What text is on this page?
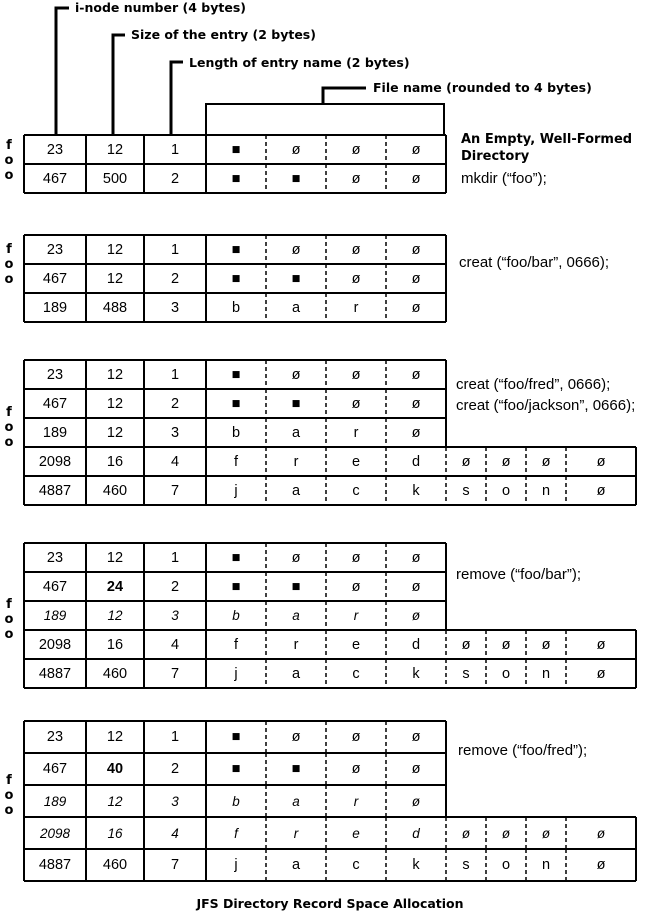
i-node number (4 bytes)
Size of the entry (2 bytes)
Length of entry name (2 bytes)
File name (rounded to 4 bytes)
23	12	1	■	ø	ø	ø
467	500	2	■	■	ø	ø
f
o
o
An Empty, Well-Formed
Directory
mkdir (“foo”);
23	12	1	■	ø	ø	ø
467	12	2	■	■	ø	ø
189	488	3	b	a	r	ø
f
o
o
creat (“foo/bar”, 0666);
23	12	1	■	ø	ø	ø
467	12	2	■	■	ø	ø
189	12	3	b	a	r	ø
2098	16	4	f	r	e	d	ø	ø	ø	ø
4887	460	7	j	a	c	k	s	o	n	ø
f
o
o
creat (“foo/fred”, 0666);
creat (“foo/jackson”, 0666);
23	12	1	■	ø	ø	ø
467	24	2	■	■	ø	ø
189	12	3	b	a	r	ø
2098	16	4	f	r	e	d	ø	ø	ø	ø
4887	460	7	j	a	c	k	s	o	n	ø
f
o
o
remove (“foo/bar”);
23	12	1	■	ø	ø	ø
467	40	2	■	■	ø	ø
189	12	3	b	a	r	ø
2098	16	4	f	r	e	d	ø	ø	ø	ø
4887	460	7	j	a	c	k	s	o	n	ø
f
o
o
remove (“foo/fred”);
JFS Directory Record Space Allocation
